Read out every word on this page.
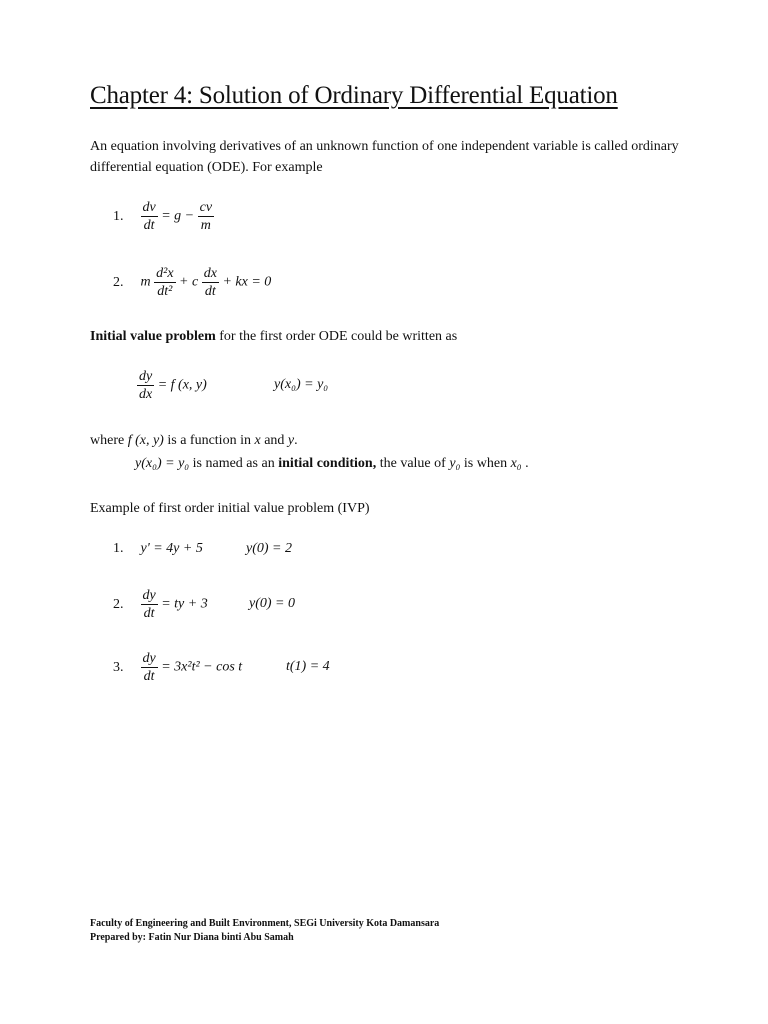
Chapter 4: Solution of Ordinary Differential Equation
An equation involving derivatives of an unknown function of one independent variable is called ordinary differential equation (ODE). For example
1. $\frac{dv}{dt} = g - \frac{cv}{m}$
2. m $\frac{\text{d²x}}{\text{dt²}} + c \frac{dx}{dt}$ + kx = 0
Initial value problem for the first order ODE could be written as
$\frac{dy}{dx} = f$ (x, y)	y(x₀) = y₀
where f (x, y) is a function in x and y.
y(x₀) = y₀ is named as an initial condition, the value of y₀ is when x₀ .
Example of first order initial value problem (IVP)
1. y' = 4y + 5	y(0) = 2
2. $\frac{dy}{dt}$ = ty + 3	y(0) = 0
3. $\frac{dy}{dt} = 3x^2t^2 - \cos t$	t(1) = 4
Faculty of Engineering and Built Environment, SEGi University Kota Damansara
Prepared by: Fatin Nur Diana binti Abu Samah
